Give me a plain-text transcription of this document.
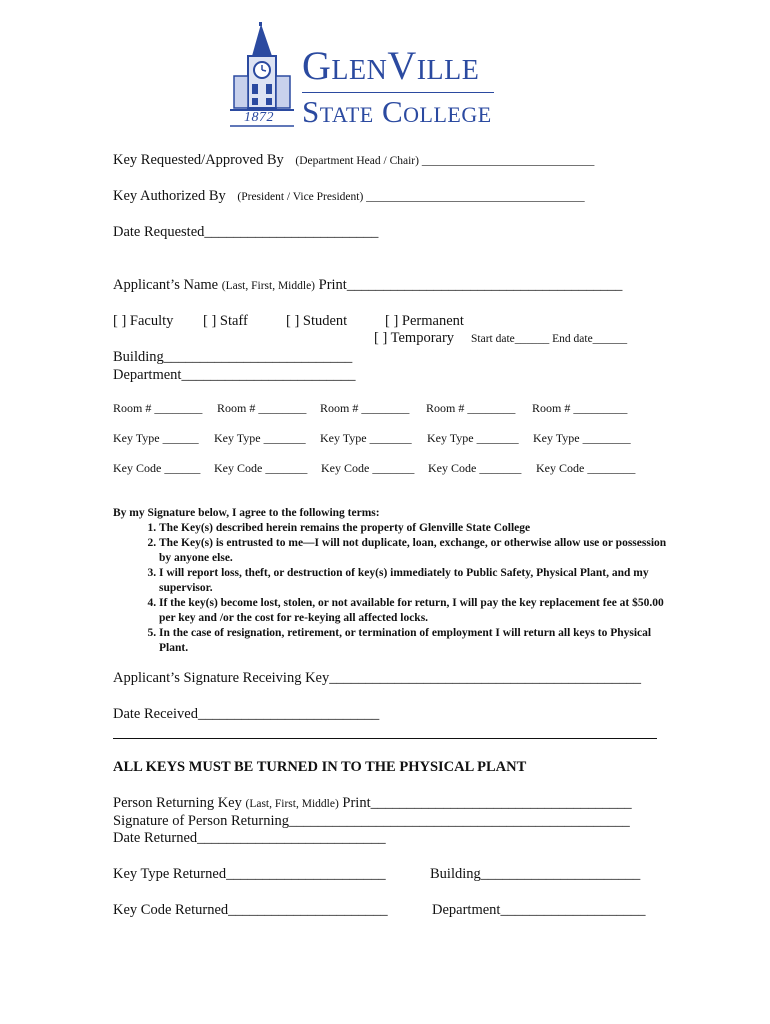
1872
GlenVille
State College
Key Requested/Approved By (Department Head / Chair) ______________________________
Key Authorized By (President / Vice President) ______________________________________
Date Requested________________________
Applicant’s Name (Last, First, Middle) Print______________________________________
[ ] Faculty [ ] Staff	[ ] Student	[ ] Permanent
[ ] Temporary Start date______ End date______
Building__________________________
Department________________________
Room # ________ Room # ________ Room # ________ Room # ________ Room # _________
Key Type ______ Key Type _______ Key Type _______ Key Type _______ Key Type ________
Key Code ______ Key Code _______ Key Code _______ Key Code _______ Key Code ________
By my Signature below, I agree to the following terms:
1. The Key(s) described herein remains the property of Glenville State College
2. The Key(s) is entrusted to me—I will not duplicate, loan, exchange, or otherwise allow use or possession by anyone else.
3. I will report loss, theft, or destruction of key(s) immediately to Public Safety, Physical Plant, and my supervisor.
4. If the key(s) become lost, stolen, or not available for return, I will pay the key replacement fee at $50.00 per key and /or the cost for re-keying all affected locks.
5. In the case of resignation, retirement, or termination of employment I will return all keys to Physical Plant.
Applicant’s Signature Receiving Key___________________________________________
Date Received_________________________
ALL KEYS MUST BE TURNED IN TO THE PHYSICAL PLANT
Person Returning Key (Last, First, Middle) Print____________________________________
Signature of Person Returning_______________________________________________
Date Returned__________________________
Key Type Returned______________________	Building______________________
Key Code Returned______________________	Department____________________
